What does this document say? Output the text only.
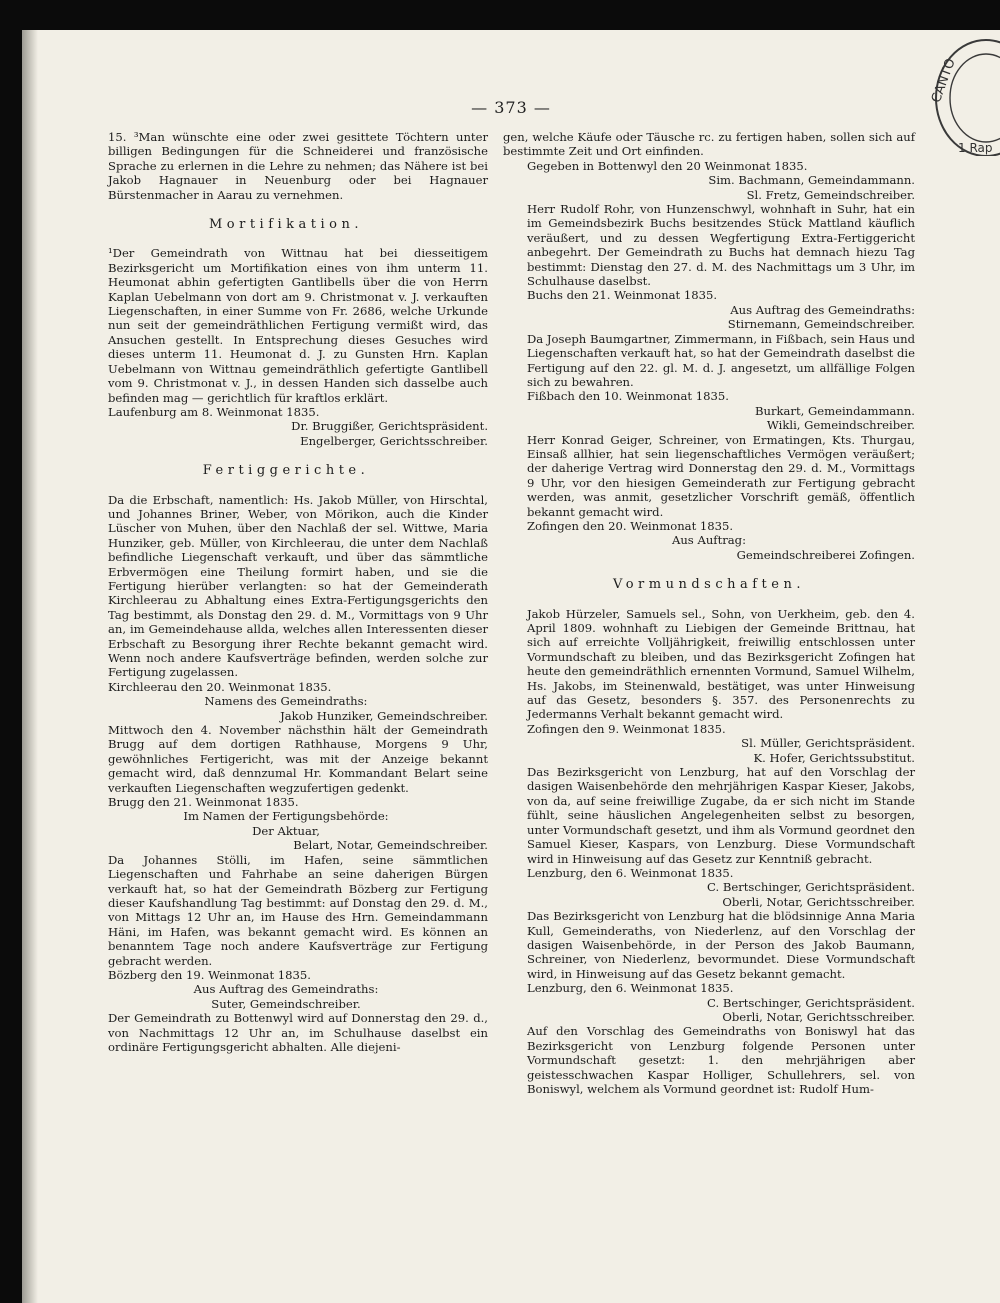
CANTO
1 Rap
— 373 —
15. ³Man wünschte eine oder zwei gesittete Töchtern unter billigen Bedingungen für die Schneiderei und französische Sprache zu erlernen in die Lehre zu nehmen; das Nähere ist bei Jakob Hagnauer in Neuenburg oder bei Hagnauer Bürstenmacher in Aarau zu vernehmen.
Mortifikation.
¹Der Gemeindrath von Wittnau hat bei diesseitigem Bezirksgericht um Mortifikation eines von ihm unterm 11. Heumonat abhin gefertigten Gantlibells über die von Herrn Kaplan Uebelmann von dort am 9. Christmonat v. J. verkauften Liegenschaften, in einer Summe von Fr. 2686, welche Urkunde nun seit der gemeindräthlichen Fertigung vermißt wird, das Ansuchen gestellt. In Entsprechung dieses Gesuches wird dieses unterm 11. Heumonat d. J. zu Gunsten Hrn. Kaplan Uebelmann von Wittnau gemeindräthlich gefertigte Gantlibell vom 9. Christmonat v. J., in dessen Handen sich dasselbe auch befinden mag — gerichtlich für kraftlos erklärt.
Laufenburg am 8. Weinmonat 1835.
Dr. Bruggißer, Gerichtspräsident.
Engelberger, Gerichtsschreiber.
Fertiggerichte.
Da die Erbschaft, namentlich: Hs. Jakob Müller, von Hirschtal, und Johannes Briner, Weber, von Mörikon, auch die Kinder Lüscher von Muhen, über den Nachlaß der sel. Wittwe, Maria Hunziker, geb. Müller, von Kirchleerau, die unter dem Nachlaß befindliche Liegenschaft verkauft, und über das sämmtliche Erbvermögen eine Theilung formirt haben, und sie die Fertigung hierüber verlangten: so hat der Gemeinderath Kirchleerau zu Abhaltung eines Extra-Fertigungsgerichts den Tag bestimmt, als Donstag den 29. d. M., Vormittags von 9 Uhr an, im Gemeindehause allda, welches allen Interessenten dieser Erbschaft zu Besorgung ihrer Rechte bekannt gemacht wird. Wenn noch andere Kaufsverträge befinden, werden solche zur Fertigung zugelassen.
Kirchleerau den 20. Weinmonat 1835.
Namens des Gemeindraths:
Jakob Hunziker, Gemeindschreiber.
Mittwoch den 4. November nächsthin hält der Gemeindrath Brugg auf dem dortigen Rathhause, Morgens 9 Uhr, gewöhnliches Fertigericht, was mit der Anzeige bekannt gemacht wird, daß dennzumal Hr. Kommandant Belart seine verkauften Liegenschaften wegzufertigen gedenkt.
Brugg den 21. Weinmonat 1835.
Im Namen der Fertigungsbehörde:
Der Aktuar,
Belart, Notar, Gemeindschreiber.
Da Johannes Stölli, im Hafen, seine sämmtlichen Liegenschaften und Fahrhabe an seine daherigen Bürgen verkauft hat, so hat der Gemeindrath Bözberg zur Fertigung dieser Kaufshandlung Tag bestimmt: auf Donstag den 29. d. M., von Mittags 12 Uhr an, im Hause des Hrn. Gemeindammann Häni, im Hafen, was bekannt gemacht wird. Es können an benanntem Tage noch andere Kaufsverträge zur Fertigung gebracht werden.
Bözberg den 19. Weinmonat 1835.
Aus Auftrag des Gemeindraths:
Suter, Gemeindschreiber.
Der Gemeindrath zu Bottenwyl wird auf Donnerstag den 29. d., von Nachmittags 12 Uhr an, im Schulhause daselbst ein ordinäre Fertigungsgericht abhalten. Alle diejeni-
gen, welche Käufe oder Täusche rc. zu fertigen haben, sollen sich auf bestimmte Zeit und Ort einfinden.
Gegeben in Bottenwyl den 20 Weinmonat 1835.
Sim. Bachmann, Gemeindammann.
Sl. Fretz, Gemeindschreiber.
Herr Rudolf Rohr, von Hunzenschwyl, wohnhaft in Suhr, hat ein im Gemeindsbezirk Buchs besitzendes Stück Mattland käuflich veräußert, und zu dessen Wegfertigung Extra-Fertiggericht anbegehrt. Der Gemeindrath zu Buchs hat demnach hiezu Tag bestimmt: Dienstag den 27. d. M. des Nachmittags um 3 Uhr, im Schulhause daselbst.
Buchs den 21. Weinmonat 1835.
Aus Auftrag des Gemeindraths:
Stirnemann, Gemeindschreiber.
Da Joseph Baumgartner, Zimmermann, in Fißbach, sein Haus und Liegenschaften verkauft hat, so hat der Gemeindrath daselbst die Fertigung auf den 22. gl. M. d. J. angesetzt, um allfällige Folgen sich zu bewahren.
Fißbach den 10. Weinmonat 1835.
Burkart, Gemeindammann.
Wikli, Gemeindschreiber.
Herr Konrad Geiger, Schreiner, von Ermatingen, Kts. Thurgau, Einsaß allhier, hat sein liegenschaftliches Vermögen veräußert; der daherige Vertrag wird Donnerstag den 29. d. M., Vormittags 9 Uhr, vor den hiesigen Gemeinderath zur Fertigung gebracht werden, was anmit, gesetzlicher Vorschrift gemäß, öffentlich bekannt gemacht wird.
Zofingen den 20. Weinmonat 1835.
Aus Auftrag:
Gemeindschreiberei Zofingen.
Vormundschaften.
Jakob Hürzeler, Samuels sel., Sohn, von Uerkheim, geb. den 4. April 1809. wohnhaft zu Liebigen der Gemeinde Brittnau, hat sich auf erreichte Volljährigkeit, freiwillig entschlossen unter Vormundschaft zu bleiben, und das Bezirksgericht Zofingen hat heute den gemeindräthlich ernennten Vormund, Samuel Wilhelm, Hs. Jakobs, im Steinenwald, bestätiget, was unter Hinweisung auf das Gesetz, besonders §. 357. des Personenrechts zu Jedermanns Verhalt bekannt gemacht wird.
Zofingen den 9. Weinmonat 1835.
Sl. Müller, Gerichtspräsident.
K. Hofer, Gerichtssubstitut.
Das Bezirksgericht von Lenzburg, hat auf den Vorschlag der dasigen Waisenbehörde den mehrjährigen Kaspar Kieser, Jakobs, von da, auf seine freiwillige Zugabe, da er sich nicht im Stande fühlt, seine häuslichen Angelegenheiten selbst zu besorgen, unter Vormundschaft gesetzt, und ihm als Vormund geordnet den Samuel Kieser, Kaspars, von Lenzburg. Diese Vormundschaft wird in Hinweisung auf das Gesetz zur Kenntniß gebracht.
Lenzburg, den 6. Weinmonat 1835.
C. Bertschinger, Gerichtspräsident.
Oberli, Notar, Gerichtsschreiber.
Das Bezirksgericht von Lenzburg hat die blödsinnige Anna Maria Kull, Gemeinderaths, von Niederlenz, auf den Vorschlag der dasigen Waisenbehörde, in der Person des Jakob Baumann, Schreiner, von Niederlenz, bevormundet. Diese Vormundschaft wird, in Hinweisung auf das Gesetz bekannt gemacht.
Lenzburg, den 6. Weinmonat 1835.
C. Bertschinger, Gerichtspräsident.
Oberli, Notar, Gerichtsschreiber.
Auf den Vorschlag des Gemeindraths von Boniswyl hat das Bezirksgericht von Lenzburg folgende Personen unter Vormundschaft gesetzt: 1. den mehrjährigen aber geistesschwachen Kaspar Holliger, Schullehrers, sel. von Boniswyl, welchem als Vormund geordnet ist: Rudolf Hum-
